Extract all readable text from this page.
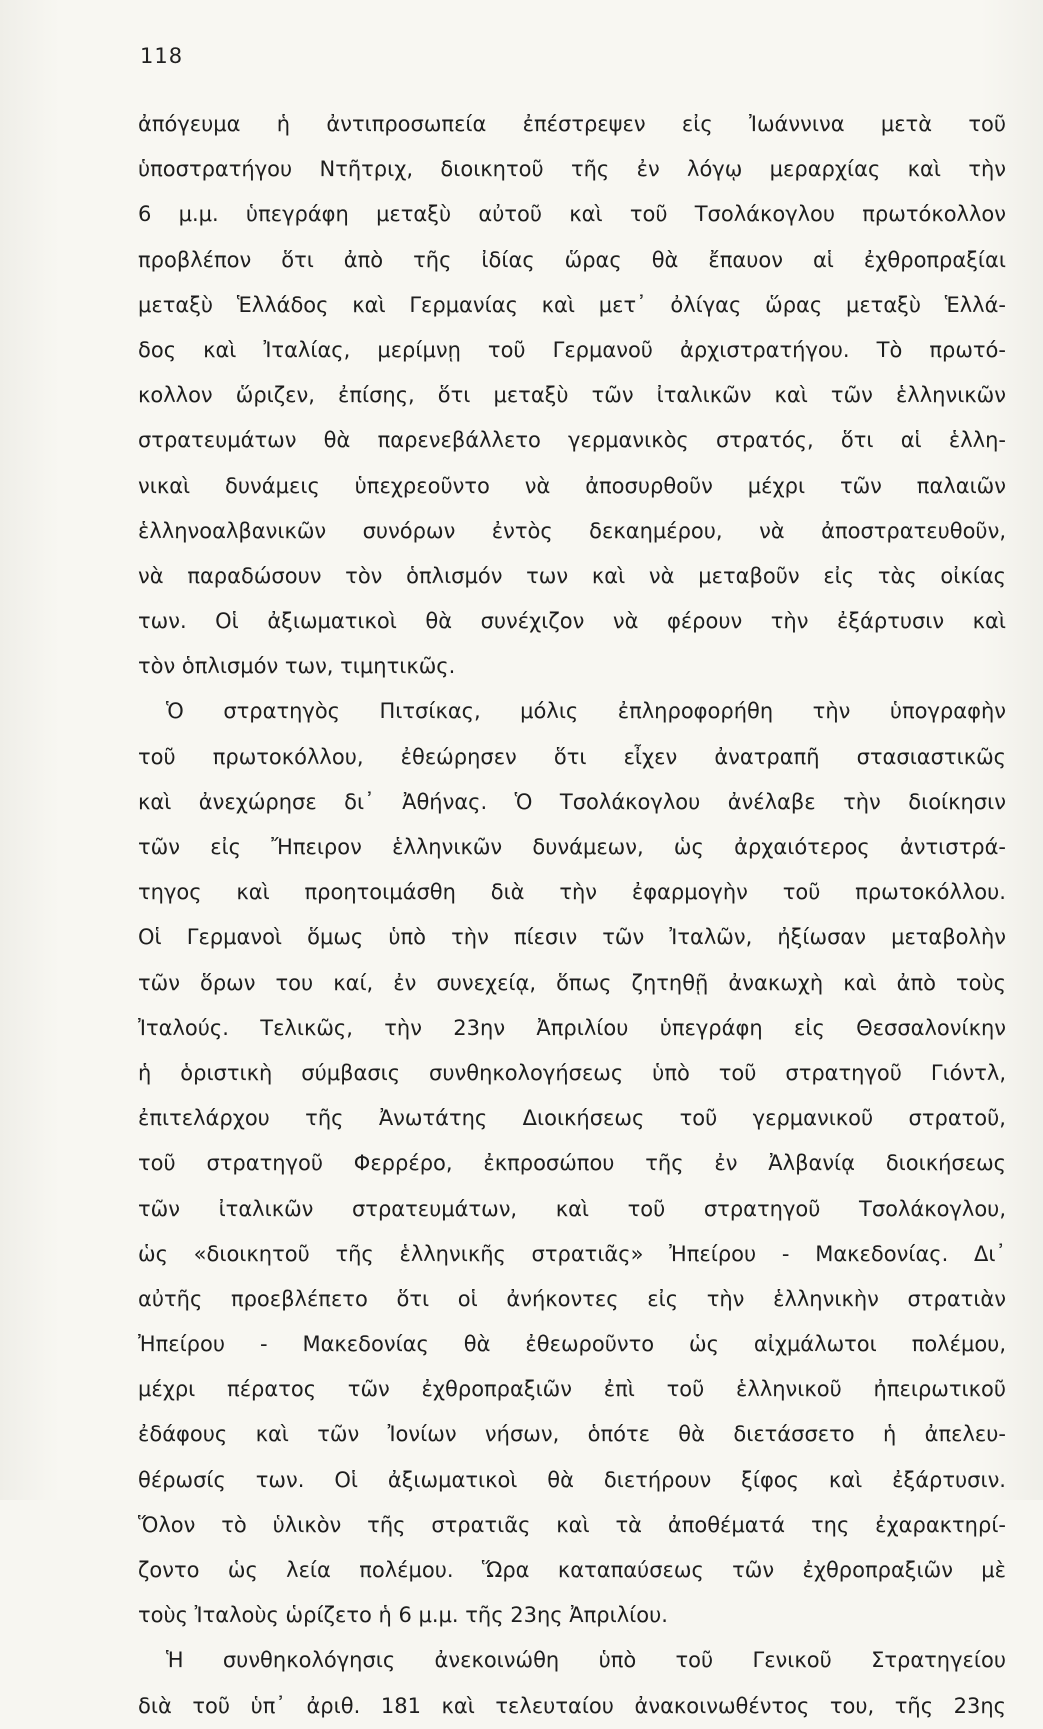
118
ἀπόγευμα ἡ ἀντιπροσωπεία ἐπέστρεψεν εἰς Ἰωάννινα μετὰ τοῦ
ὑποστρατήγου Ντῆτριχ, διοικητοῦ τῆς ἐν λόγῳ μεραρχίας καὶ τὴν
6 μ.μ. ὑπεγράφη μεταξὺ αὐτοῦ καὶ τοῦ Τσολάκογλου πρωτόκολλον
προβλέπον ὅτι ἀπὸ τῆς ἰδίας ὥρας θὰ ἔπαυον αἱ ἐχθροπραξίαι
μεταξὺ Ἑλλάδος καὶ Γερμανίας καὶ μετ᾽ ὀλίγας ὥρας μεταξὺ Ἑλλά-
δος καὶ Ἰταλίας, μερίμνῃ τοῦ Γερμανοῦ ἀρχιστρατήγου. Τὸ πρωτό-
κολλον ὥριζεν, ἐπίσης, ὅτι μεταξὺ τῶν ἰταλικῶν καὶ τῶν ἑλληνικῶν
στρατευμάτων θὰ παρενεβάλλετο γερμανικὸς στρατός, ὅτι αἱ ἑλλη-
νικαὶ δυνάμεις ὑπεχρεοῦντο νὰ ἀποσυρθοῦν μέχρι τῶν παλαιῶν
ἑλληνοαλβανικῶν συνόρων ἐντὸς δεκαημέρου, νὰ ἀποστρατευθοῦν,
νὰ παραδώσουν τὸν ὁπλισμόν των καὶ νὰ μεταβοῦν εἰς τὰς οἰκίας
των. Οἱ ἀξιωματικοὶ θὰ συνέχιζον νὰ φέρουν τὴν ἐξάρτυσιν καὶ
τὸν ὁπλισμόν των, τιμητικῶς.
Ὁ στρατηγὸς Πιτσίκας, μόλις ἐπληροφορήθη τὴν ὑπογραφὴν
τοῦ πρωτοκόλλου, ἐθεώρησεν ὅτι εἶχεν ἀνατραπῆ στασιαστικῶς
καὶ ἀνεχώρησε δι᾽ Ἀθήνας. Ὁ Τσολάκογλου ἀνέλαβε τὴν διοίκησιν
τῶν εἰς Ἤπειρον ἑλληνικῶν δυνάμεων, ὡς ἀρχαιότερος ἀντιστρά-
τηγος καὶ προητοιμάσθη διὰ τὴν ἐφαρμογὴν τοῦ πρωτοκόλλου.
Οἱ Γερμανοὶ ὅμως ὑπὸ τὴν πίεσιν τῶν Ἰταλῶν, ἠξίωσαν μεταβολὴν
τῶν ὅρων του καί, ἐν συνεχείᾳ, ὅπως ζητηθῇ ἀνακωχὴ καὶ ἀπὸ τοὺς
Ἰταλούς. Τελικῶς, τὴν 23ην Ἀπριλίου ὑπεγράφη εἰς Θεσσαλονίκην
ἡ ὁριστικὴ σύμβασις συνθηκολογήσεως ὑπὸ τοῦ στρατηγοῦ Γιόντλ,
ἐπιτελάρχου τῆς Ἀνωτάτης Διοικήσεως τοῦ γερμανικοῦ στρατοῦ,
τοῦ στρατηγοῦ Φερρέρο, ἐκπροσώπου τῆς ἐν Ἀλβανίᾳ διοικήσεως
τῶν ἰταλικῶν στρατευμάτων, καὶ τοῦ στρατηγοῦ Τσολάκογλου,
ὡς «διοικητοῦ τῆς ἑλληνικῆς στρατιᾶς» Ἠπείρου - Μακεδονίας. Δι᾽
αὐτῆς προεβλέπετο ὅτι οἱ ἀνήκοντες εἰς τὴν ἑλληνικὴν στρατιὰν
Ἠπείρου - Μακεδονίας θὰ ἐθεωροῦντο ὡς αἰχμάλωτοι πολέμου,
μέχρι πέρατος τῶν ἐχθροπραξιῶν ἐπὶ τοῦ ἑλληνικοῦ ἠπειρωτικοῦ
ἐδάφους καὶ τῶν Ἰονίων νήσων, ὁπότε θὰ διετάσσετο ἡ ἀπελευ-
θέρωσίς των. Οἱ ἀξιωματικοὶ θὰ διετήρουν ξίφος καὶ ἐξάρτυσιν.
Ὅλον τὸ ὑλικὸν τῆς στρατιᾶς καὶ τὰ ἀποθέματά της ἐχαρακτηρί-
ζοντο ὡς λεία πολέμου. Ὥρα καταπαύσεως τῶν ἐχθροπραξιῶν μὲ
τοὺς Ἰταλοὺς ὡρίζετο ἡ 6 μ.μ. τῆς 23ης Ἀπριλίου.
Ἡ συνθηκολόγησις ἀνεκοινώθη ὑπὸ τοῦ Γενικοῦ Στρατηγείου
διὰ τοῦ ὑπ᾽ ἀριθ. 181 καὶ τελευταίου ἀνακοινωθέντος του, τῆς 23ης
